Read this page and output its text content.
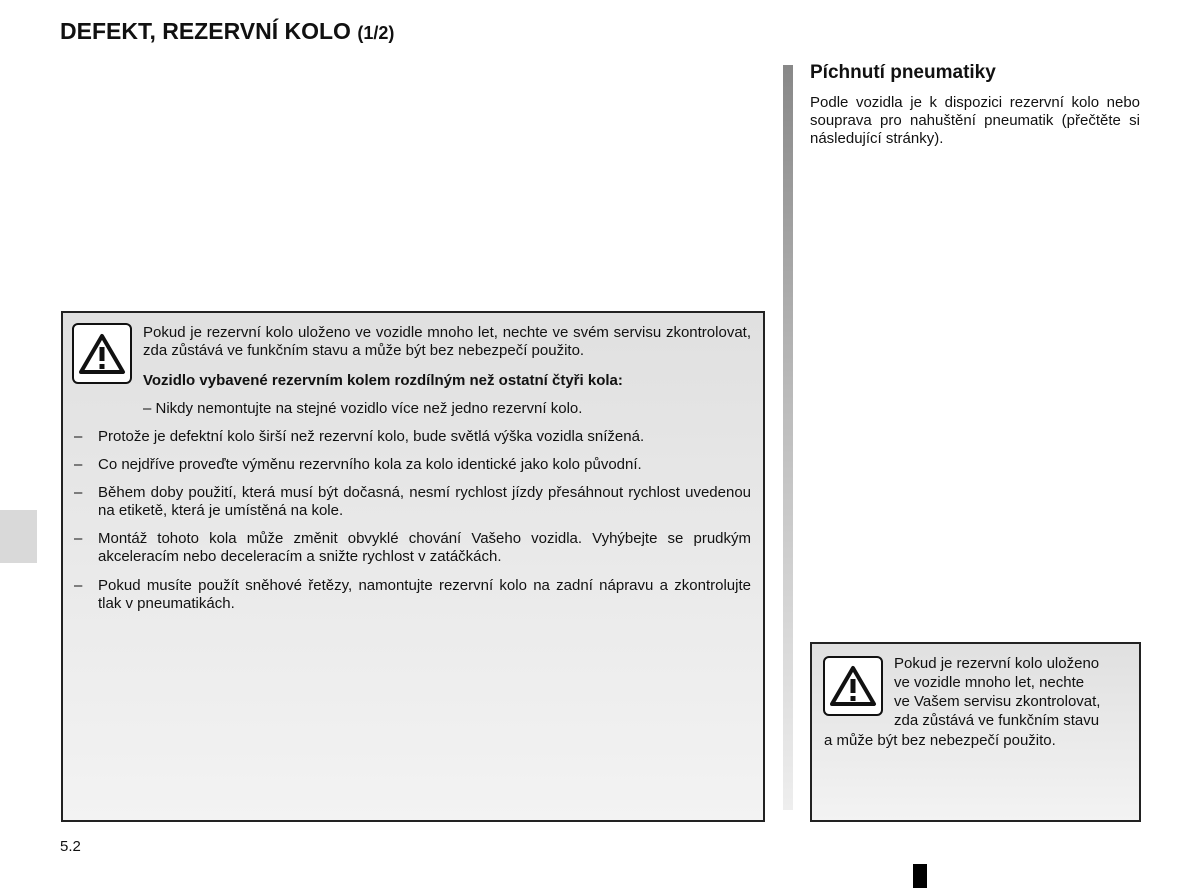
DEFEKT, REZERVNÍ KOLO (1/2)
Píchnutí pneumatiky
Podle vozidla je k dispozici rezervní kolo nebo souprava pro nahuštění pneumatik (přečtěte si následující stránky).
Pokud je rezervní kolo uloženo ve vozidle mnoho let, nechte ve svém servisu zkontrolovat, zda zůstává ve funkčním stavu a může být bez nebezpečí použito.
Vozidlo vybavené rezervním kolem rozdílným než ostatní čtyři kola:
– Nikdy nemontujte na stejné vozidlo více než jedno rezervní kolo.
– Protože je defektní kolo širší než rezervní kolo, bude světlá výška vozidla snížená.
– Co nejdříve proveďte výměnu rezervního kola za kolo identické jako kolo původní.
– Během doby použití, která musí být dočasná, nesmí rychlost jízdy přesáhnout rychlost uvedenou na etiketě, která je umístěná na kole.
– Montáž tohoto kola může změnit obvyklé chování Vašeho vozidla. Vyhýbejte se prudkým akceleracím nebo deceleracím a snižte rychlost v zatáčkách.
– Pokud musíte použít sněhové řetězy, namontujte rezervní kolo na zadní nápravu a zkontrolujte tlak v pneumatikách.
Pokud je rezervní kolo uloženo
ve vozidle mnoho let, nechte
ve Vašem servisu zkontrolovat,
zda zůstává ve funkčním stavu
a může být bez nebezpečí použito.
5.2
